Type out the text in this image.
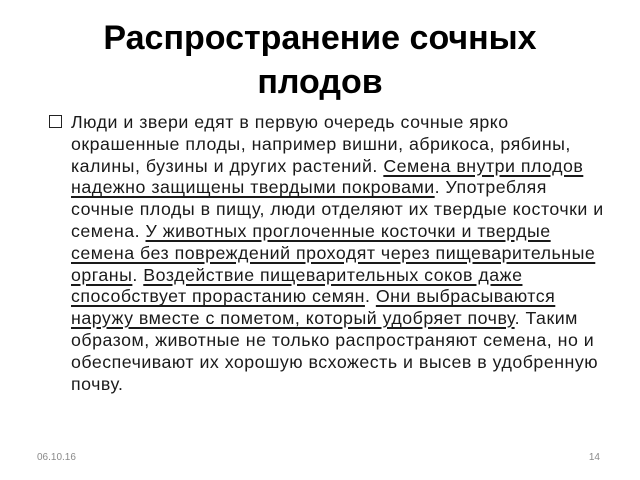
Распространение сочных
плодов

Люди и звери едят в первую очередь сочные ярко окрашенные плоды, например вишни, абрикоса, рябины, калины, бузины и других растений. Семена внутри плодов надежно защищены твердыми покровами. Употребляя сочные плоды в пищу, люди отделяют их твердые косточки и семена. У животных проглоченные косточки и твердые семена без повреждений проходят через пищеварительные органы. Воздействие пищеварительных соков даже способствует прорастанию семян. Они выбрасываются наружу вместе с пометом, который удобряет почву. Таким образом, животные не только распространяют семена, но и обеспечивают их хорошую всхожесть и высев в удобренную почву.

06.10.16	14
